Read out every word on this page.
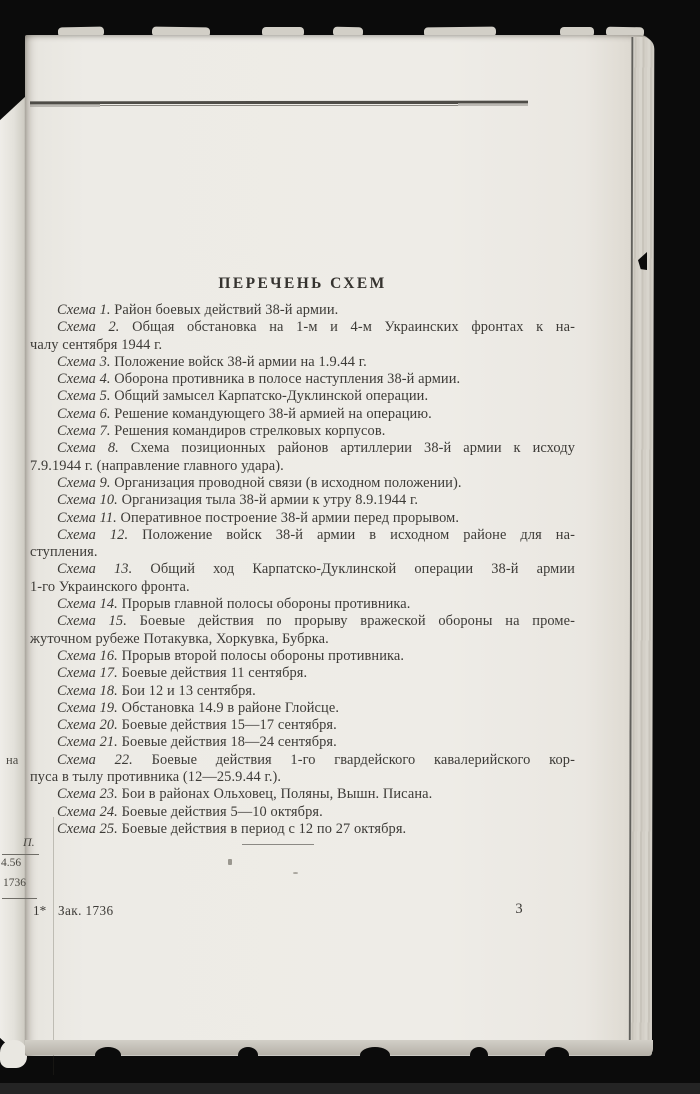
на
П.
4.56
1736
ПЕРЕЧЕНЬ СХЕМ
Схема 1. Район боевых действий 38-й армии.
Схема 2. Общая обстановка на 1-м и 4-м Украинских фронтах к на-
чалу сентября 1944 г.
Схема 3. Положение войск 38-й армии на 1.9.44 г.
Схема 4. Оборона противника в полосе наступления 38-й армии.
Схема 5. Общий замысел Карпатско-Дуклинской операции.
Схема 6. Решение командующего 38-й армией на операцию.
Схема 7. Решения командиров стрелковых корпусов.
Схема 8. Схема позиционных районов артиллерии 38-й армии к исходу
7.9.1944 г. (направление главного удара).
Схема 9. Организация проводной связи (в исходном положении).
Схема 10. Организация тыла 38-й армии к утру 8.9.1944 г.
Схема 11. Оперативное построение 38-й армии перед прорывом.
Схема 12. Положение войск 38-й армии в исходном районе для на-
ступления.
Схема 13. Общий ход Карпатско-Дуклинской операции 38-й армии
1-го Украинского фронта.
Схема 14. Прорыв главной полосы обороны противника.
Схема 15. Боевые действия по прорыву вражеской обороны на проме-
жуточном рубеже Потакувка, Хоркувка, Бубрка.
Схема 16. Прорыв второй полосы обороны противника.
Схема 17. Боевые действия 11 сентября.
Схема 18. Бои 12 и 13 сентября.
Схема 19. Обстановка 14.9 в районе Глойсце.
Схема 20. Боевые действия 15—17 сентября.
Схема 21. Боевые действия 18—24 сентября.
Схема 22. Боевые действия 1-го гвардейского кавалерийского кор-
пуса в тылу противника (12—25.9.44 г.).
Схема 23. Бои в районах Ольховец, Поляны, Вышн. Писана.
Схема 24. Боевые действия 5—10 октября.
Схема 25. Боевые действия в период с 12 по 27 октября.
1* Зак. 1736	3
